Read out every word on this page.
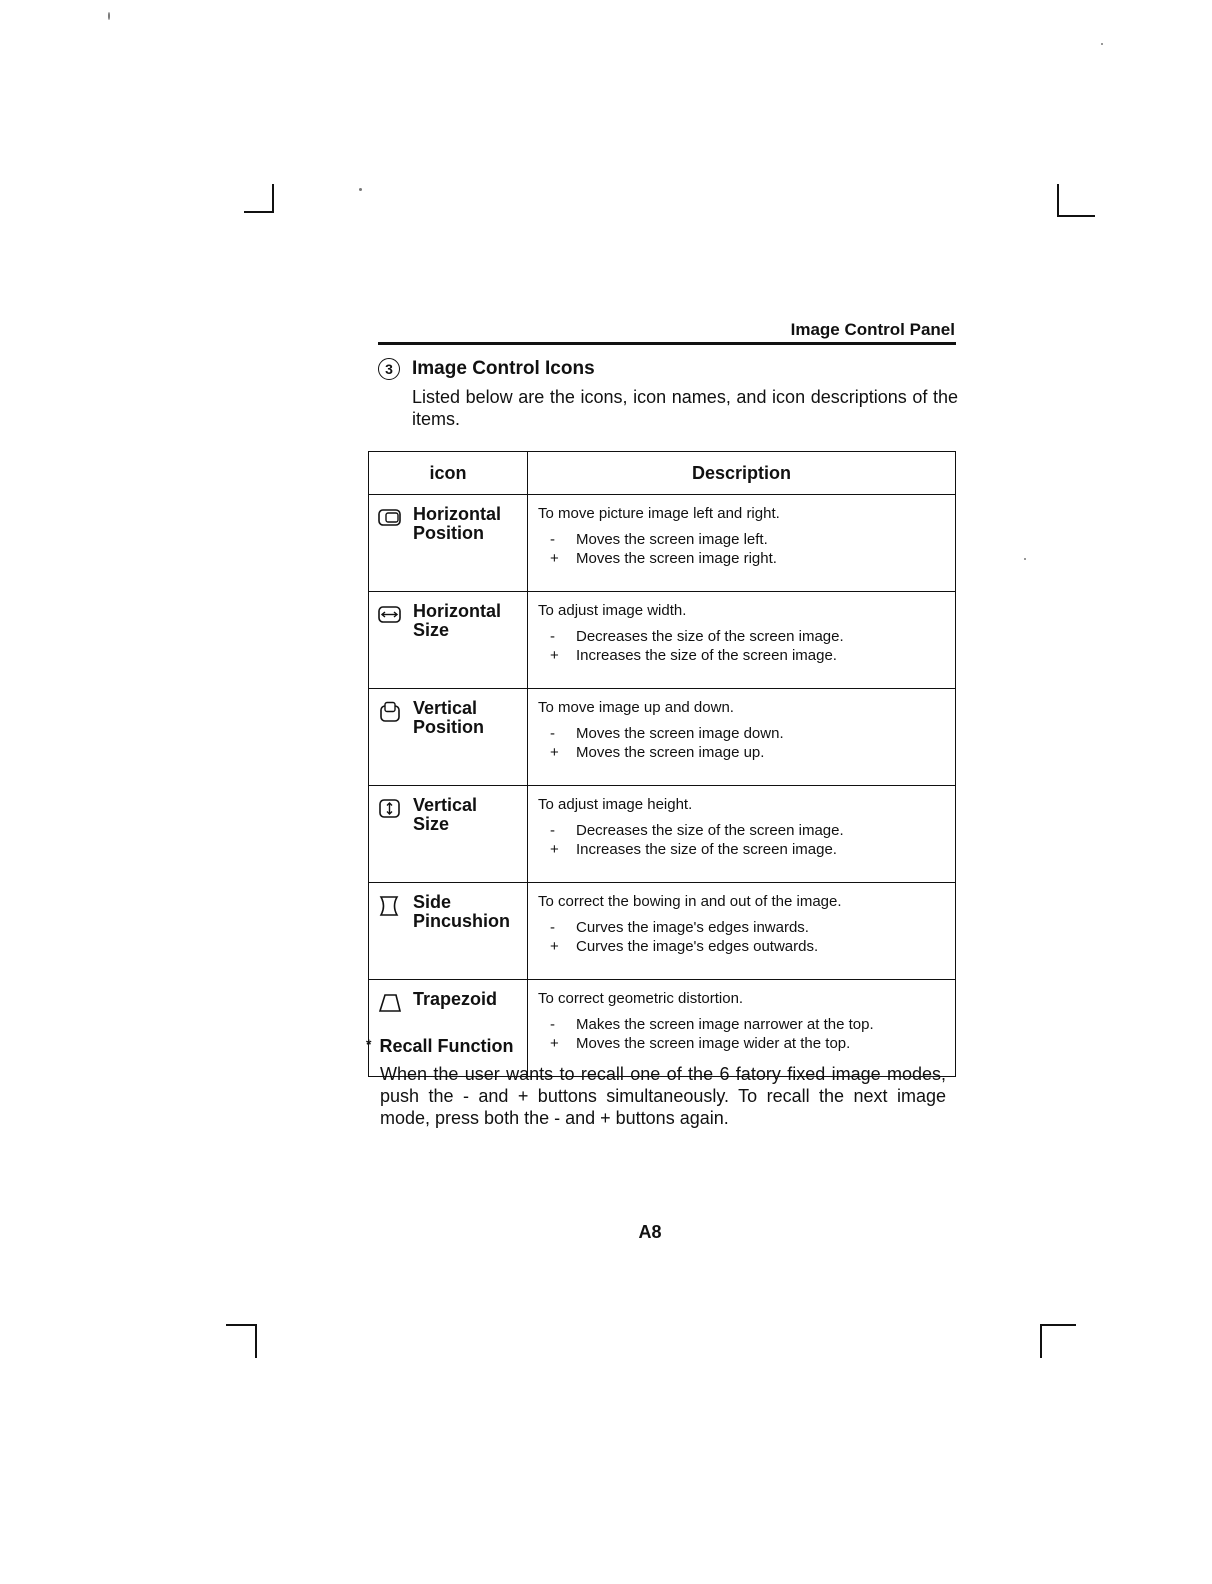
Image Control Panel
3	Image Control Icons
Listed below are the icons, icon names, and icon descriptions of the items.
icon	Description

Horizontal Position	To move picture image left and right.
- Moves the screen image left.
+ Moves the screen image right.

Horizontal Size	To adjust image width.
- Decreases the size of the screen image.
+ Increases the size of the screen image.

Vertical Position	To move image up and down.
- Moves the screen image down.
+ Moves the screen image up.

Vertical Size	To adjust image height.
- Decreases the size of the screen image.
+ Increases the size of the screen image.

Side Pincushion	To correct the bowing in and out of the image.
- Curves the image's edges inwards.
+ Curves the image's edges outwards.

Trapezoid	To correct geometric distortion.
- Makes the screen image narrower at the top.
+ Moves the screen image wider at the top.
* Recall Function
When the user wants to recall one of the 6 fatory fixed image modes, push the - and + buttons simultaneously. To recall the next image mode, press both the - and + buttons again.
A8
